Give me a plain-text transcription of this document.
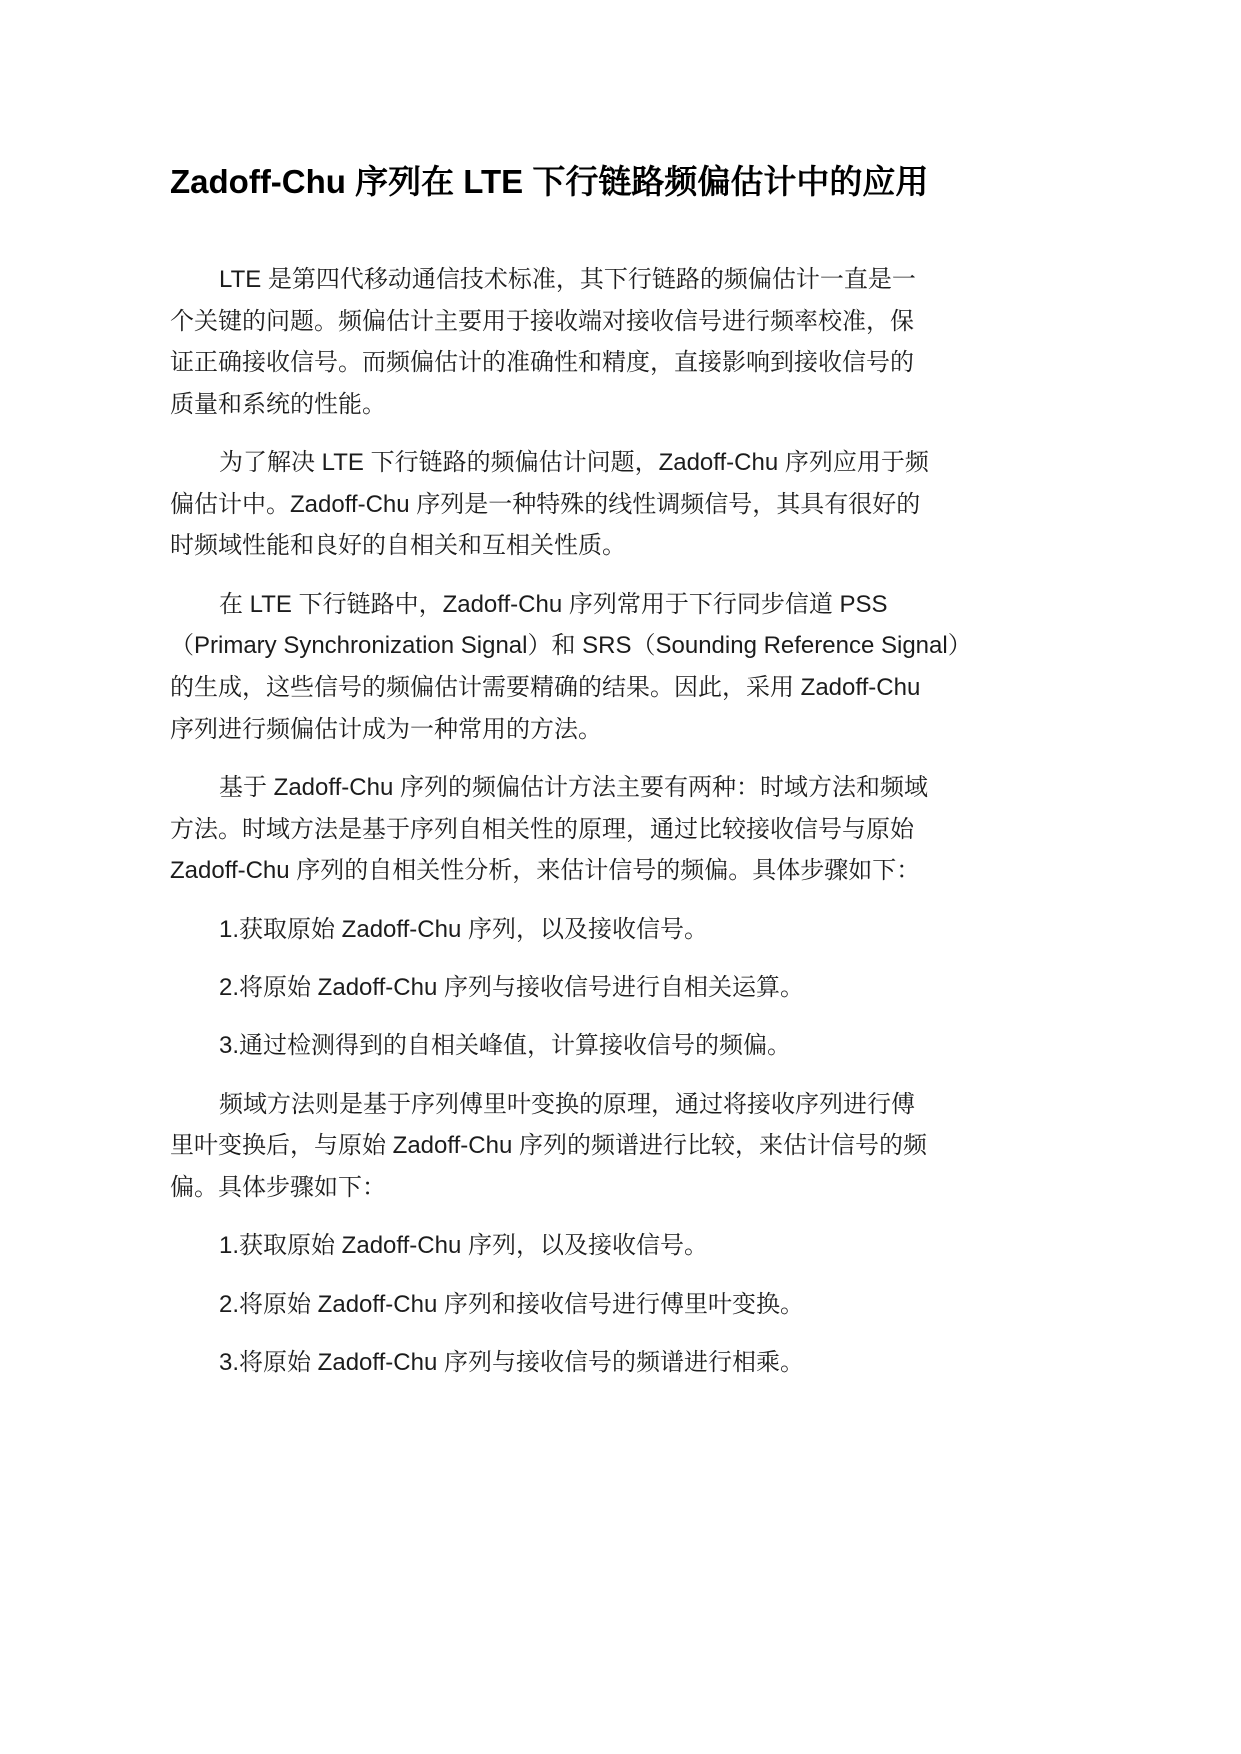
Zadoff-Chu 序列在 LTE 下行链路频偏估计中的应用
LTE 是第四代移动通信技术标准，其下行链路的频偏估计一直是一
个关键的问题。频偏估计主要用于接收端对接收信号进行频率校准，保
证正确接收信号。而频偏估计的准确性和精度，直接影响到接收信号的
质量和系统的性能。
为了解决 LTE 下行链路的频偏估计问题，Zadoff-Chu 序列应用于频
偏估计中。Zadoff-Chu 序列是一种特殊的线性调频信号，其具有很好的
时频域性能和良好的自相关和互相关性质。
在 LTE 下行链路中，Zadoff-Chu 序列常用于下行同步信道 PSS
（Primary Synchronization Signal）和 SRS（Sounding Reference Signal）
的生成，这些信号的频偏估计需要精确的结果。因此，采用 Zadoff-Chu
序列进行频偏估计成为一种常用的方法。
基于 Zadoff-Chu 序列的频偏估计方法主要有两种：时域方法和频域
方法。时域方法是基于序列自相关性的原理，通过比较接收信号与原始
Zadoff-Chu 序列的自相关性分析，来估计信号的频偏。具体步骤如下：
1.获取原始 Zadoff-Chu 序列，以及接收信号。
2.将原始 Zadoff-Chu 序列与接收信号进行自相关运算。
3.通过检测得到的自相关峰值，计算接收信号的频偏。
频域方法则是基于序列傅里叶变换的原理，通过将接收序列进行傅
里叶变换后，与原始 Zadoff-Chu 序列的频谱进行比较，来估计信号的频
偏。具体步骤如下：
1.获取原始 Zadoff-Chu 序列，以及接收信号。
2.将原始 Zadoff-Chu 序列和接收信号进行傅里叶变换。
3.将原始 Zadoff-Chu 序列与接收信号的频谱进行相乘。
